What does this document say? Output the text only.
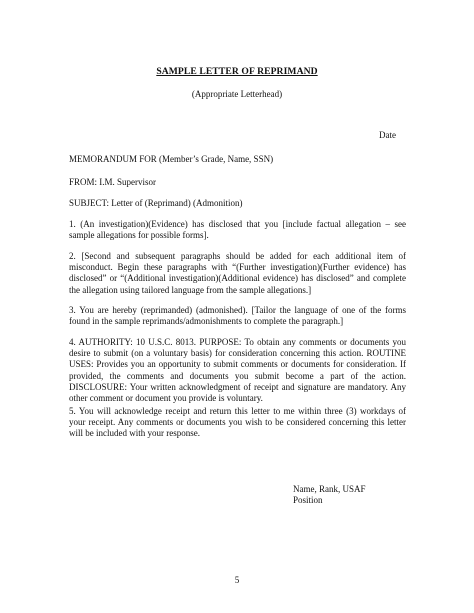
SAMPLE LETTER OF REPRIMAND
(Appropriate Letterhead)
Date
MEMORANDUM FOR (Member’s Grade, Name, SSN)
FROM: I.M. Supervisor
SUBJECT: Letter of (Reprimand) (Admonition)
1. (An investigation)(Evidence) has disclosed that you [include factual allegation – see sample allegations for possible forms].
2. [Second and subsequent paragraphs should be added for each additional item of misconduct. Begin these paragraphs with “(Further investigation)(Further evidence) has disclosed” or “(Additional investigation)(Additional evidence) has disclosed” and complete the allegation using tailored language from the sample allegations.]
3. You are hereby (reprimanded) (admonished). [Tailor the language of one of the forms found in the sample reprimands/admonishments to complete the paragraph.]
4. AUTHORITY: 10 U.S.C. 8013. PURPOSE: To obtain any comments or documents you desire to submit (on a voluntary basis) for consideration concerning this action. ROUTINE USES: Provides you an opportunity to submit comments or documents for consideration. If provided, the comments and documents you submit become a part of the action. DISCLOSURE: Your written acknowledgment of receipt and signature are mandatory. Any other comment or document you provide is voluntary.
5. You will acknowledge receipt and return this letter to me within three (3) workdays of your receipt. Any comments or documents you wish to be considered concerning this letter will be included with your response.
Name, Rank, USAF
Position
5
